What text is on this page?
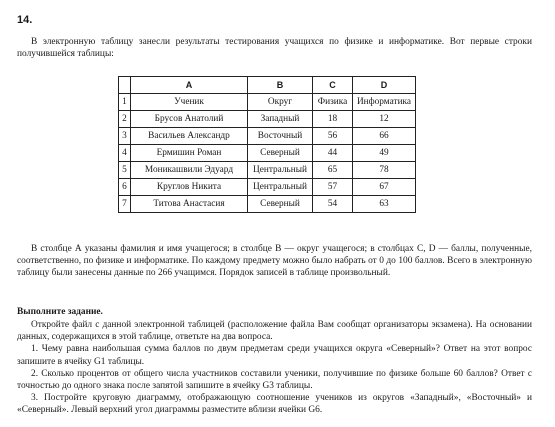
14.

В электронную таблицу занесли результаты тестирования учащихся по физике и информатике. Вот первые строки получившейся таблицы:

	A	B	C	D
1	Ученик	Округ	Физика	Информатика
2	Брусов Анатолий	Западный	18	12
3	Васильев Александр	Восточный	56	66
4	Ермишин Роман	Северный	44	49
5	Моникашвили Эдуард	Центральный	65	78
6	Круглов Никита	Центральный	57	67
7	Титова Анастасия	Северный	54	63

В столбце А указаны фамилия и имя учащегося; в столбце В — округ учащегося; в столбцах С, D — баллы, полученные, соответственно, по физике и информатике. По каждому предмету можно было набрать от 0 до 100 баллов. Всего в электронную таблицу были занесены данные по 266 учащимся. Порядок записей в таблице произвольный.

Выполните задание.

Откройте файл с данной электронной таблицей (расположение файла Вам сообщат организаторы экзамена). На основании данных, содержащихся в этой таблице, ответьте на два вопроса.

1. Чему равна наибольшая сумма баллов по двум предметам среди учащихся округа «Северный»? Ответ на этот вопрос запишите в ячейку G1 таблицы.

2. Сколько процентов от общего числа участников составили ученики, получившие по физике больше 60 баллов? Ответ с точностью до одного знака после запятой запишите в ячейку G3 таблицы.

3. Постройте круговую диаграмму, отображающую соотношение учеников из округов «Западный», «Восточный» и «Северный». Левый верхний угол диаграммы разместите вблизи ячейки G6.
